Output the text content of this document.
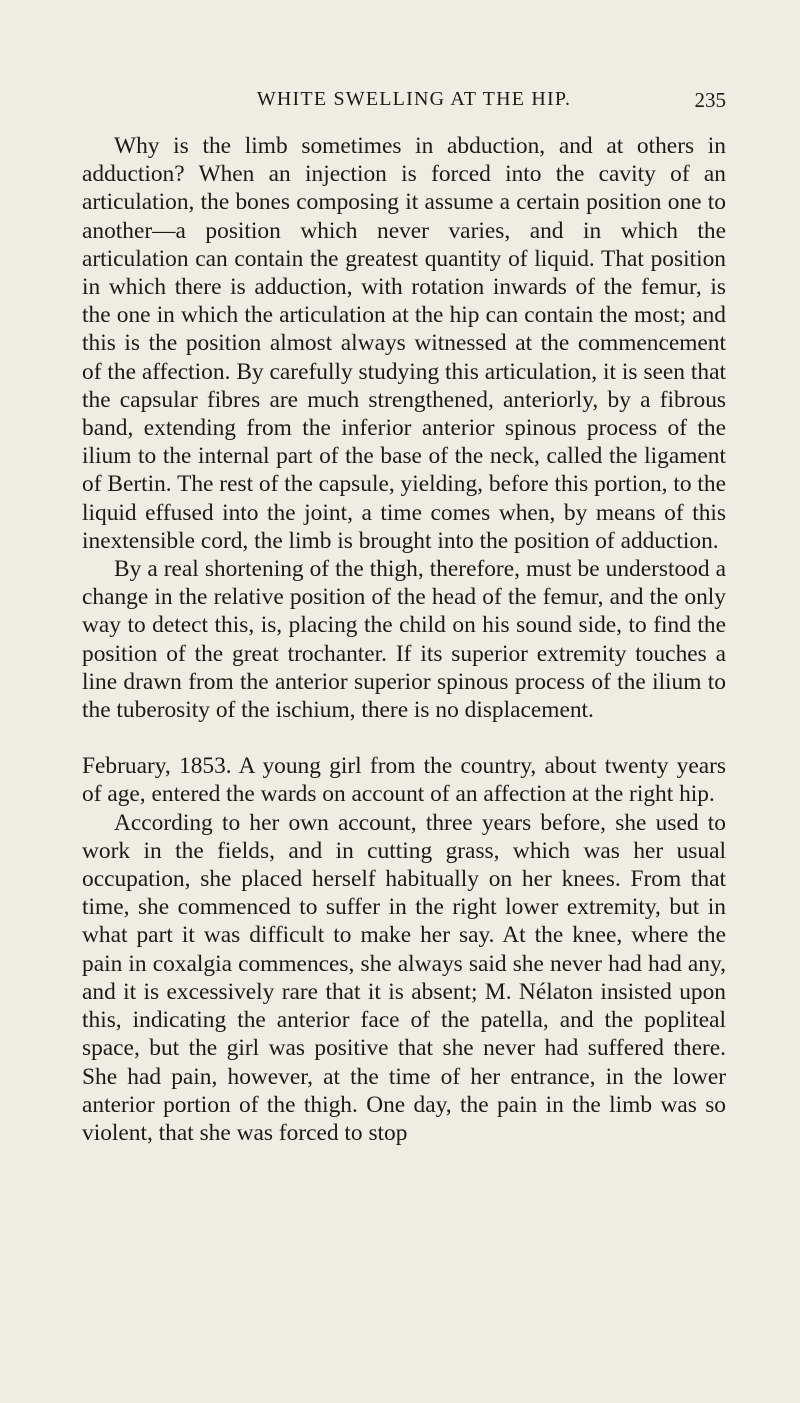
WHITE SWELLING AT THE HIP.	235

Why is the limb sometimes in abduction, and at others in adduction? When an injection is forced into the cavity of an articulation, the bones composing it assume a certain position one to another—a position which never varies, and in which the articulation can contain the greatest quantity of liquid. That position in which there is adduction, with rotation inwards of the femur, is the one in which the articulation at the hip can contain the most; and this is the position almost always witnessed at the commencement of the affection. By carefully studying this articulation, it is seen that the capsular fibres are much strengthened, anteriorly, by a fibrous band, extending from the inferior anterior spinous process of the ilium to the internal part of the base of the neck, called the ligament of Bertin. The rest of the capsule, yielding, before this portion, to the liquid effused into the joint, a time comes when, by means of this inextensible cord, the limb is brought into the position of adduction.

By a real shortening of the thigh, therefore, must be understood a change in the relative position of the head of the femur, and the only way to detect this, is, placing the child on his sound side, to find the position of the great trochanter. If its superior extremity touches a line drawn from the anterior superior spinous process of the ilium to the tuberosity of the ischium, there is no displacement.

February, 1853. A young girl from the country, about twenty years of age, entered the wards on account of an affection at the right hip.

According to her own account, three years before, she used to work in the fields, and in cutting grass, which was her usual occupation, she placed herself habitually on her knees. From that time, she commenced to suffer in the right lower extremity, but in what part it was difficult to make her say. At the knee, where the pain in coxalgia commences, she always said she never had had any, and it is excessively rare that it is absent; M. Nélaton insisted upon this, indicating the anterior face of the patella, and the popliteal space, but the girl was positive that she never had suffered there. She had pain, however, at the time of her entrance, in the lower anterior portion of the thigh. One day, the pain in the limb was so violent, that she was forced to stop
